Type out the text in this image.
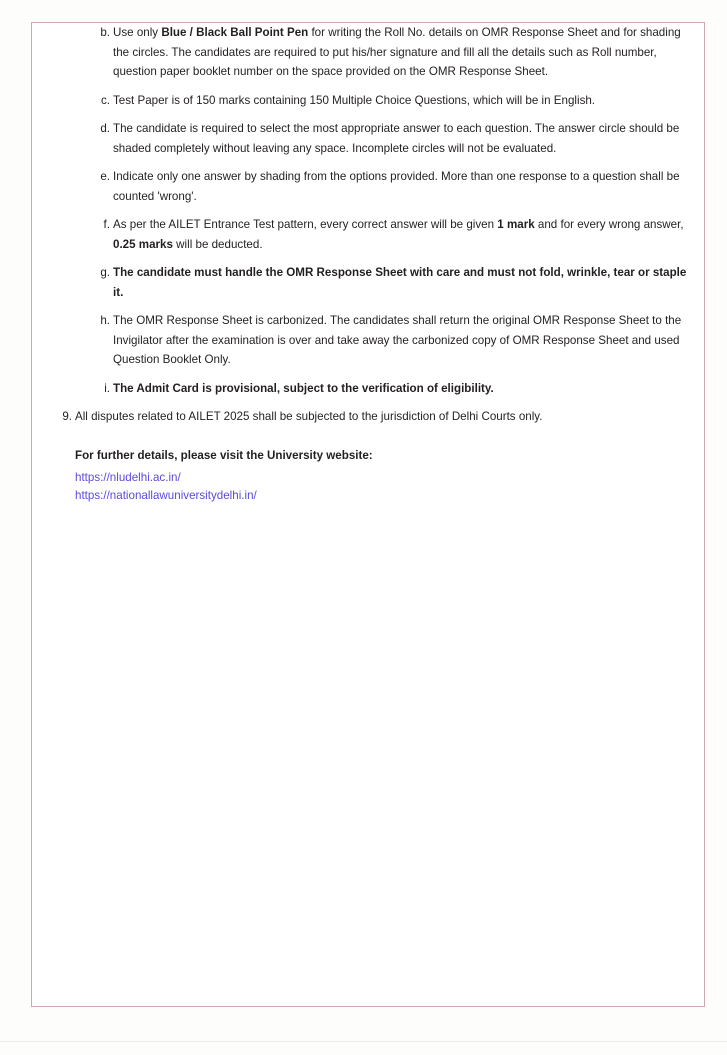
b. Use only Blue / Black Ball Point Pen for writing the Roll No. details on OMR Response Sheet and for shading the circles. The candidates are required to put his/her signature and fill all the details such as Roll number, question paper booklet number on the space provided on the OMR Response Sheet.
c. Test Paper is of 150 marks containing 150 Multiple Choice Questions, which will be in English.
d. The candidate is required to select the most appropriate answer to each question. The answer circle should be shaded completely without leaving any space. Incomplete circles will not be evaluated.
e. Indicate only one answer by shading from the options provided. More than one response to a question shall be counted 'wrong'.
f. As per the AILET Entrance Test pattern, every correct answer will be given 1 mark and for every wrong answer, 0.25 marks will be deducted.
g. The candidate must handle the OMR Response Sheet with care and must not fold, wrinkle, tear or staple it.
h. The OMR Response Sheet is carbonized. The candidates shall return the original OMR Response Sheet to the Invigilator after the examination is over and take away the carbonized copy of OMR Response Sheet and used Question Booklet Only.
i. The Admit Card is provisional, subject to the verification of eligibility.
9. All disputes related to AILET 2025 shall be subjected to the jurisdiction of Delhi Courts only.
For further details, please visit the University website:
https://nludelhi.ac.in/
https://nationallawuniversitydelhi.in/
